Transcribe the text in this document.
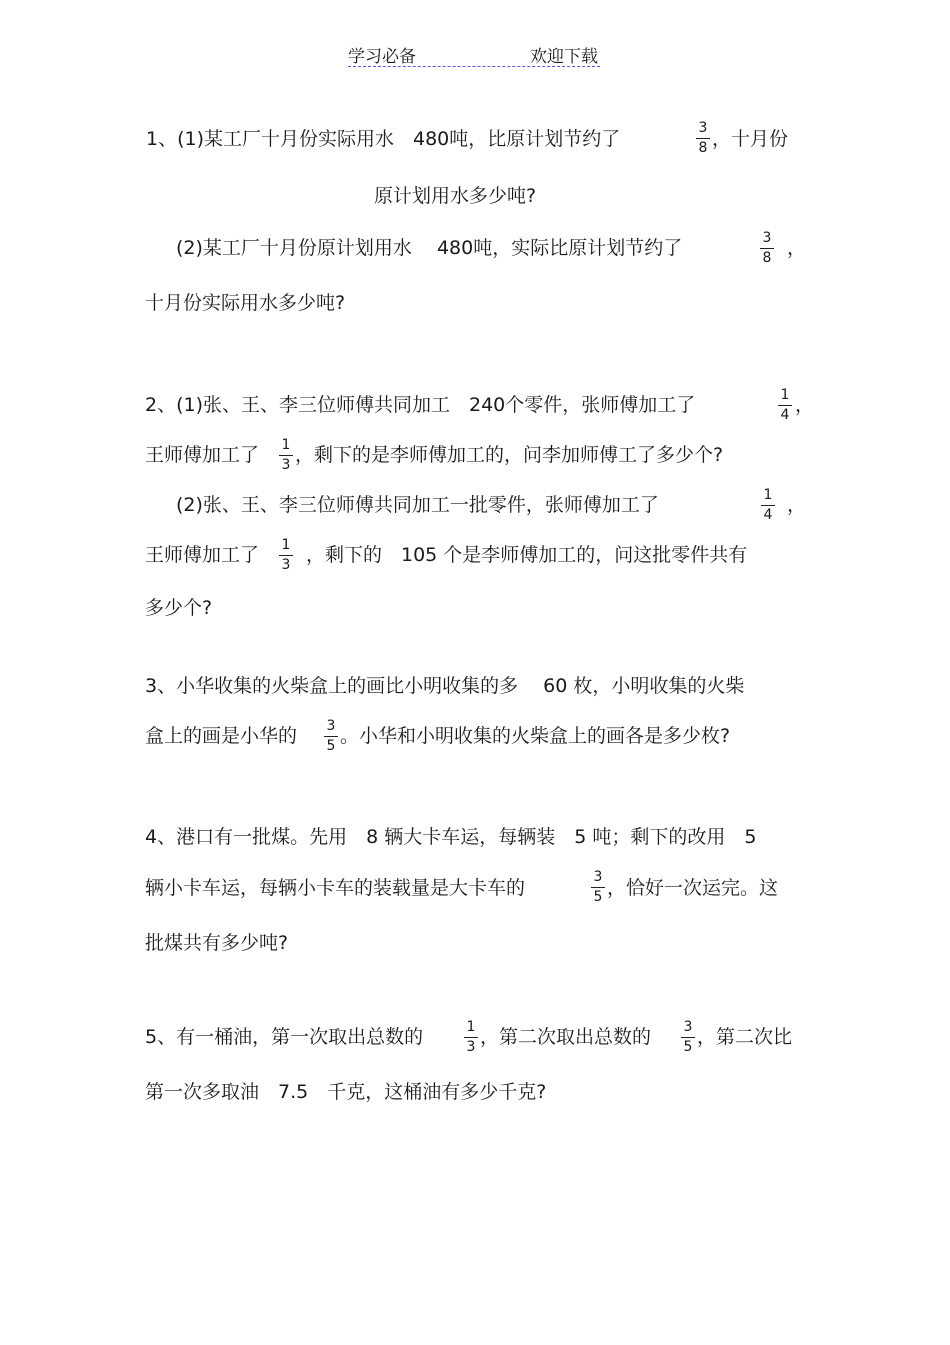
学习必备	欢迎下载
1、(1)某工厂十月份实际用水　480吨，比原计划节约了	3
8 ，十月份
原计划用水多少吨?
(2)某工厂十月份原计划用水　 480吨，实际比原计划节约了	3
8 ，
十月份实际用水多少吨?
2、(1)张、王、李三位师傅共同加工　240个零件，张师傅加工了	1
4 ，
王师傅加工了	1
3 ，剩下的是李师傅加工的，问李加师傅工了多少个?
(2)张、王、李三位师傅共同加工一批零件，张师傅加工了	1
4 ，
王师傅加工了	1
3 ，剩下的　105 个是李师傅加工的，问这批零件共有
多少个?
3、小华收集的火柴盒上的画比小明收集的多　 60 枚，小明收集的火柴
盒上的画是小华的	3
5 。小华和小明收集的火柴盒上的画各是多少枚?
4、港口有一批煤。先用　8 辆大卡车运，每辆装　5 吨；剩下的改用　5
辆小卡车运，每辆小卡车的装载量是大卡车的	3
5 ，恰好一次运完。这
批煤共有多少吨?
5、有一桶油，第一次取出总数的	1
3 ，第二次取出总数的	3
5 ，第二次比
第一次多取油　7.5　千克，这桶油有多少千克?
